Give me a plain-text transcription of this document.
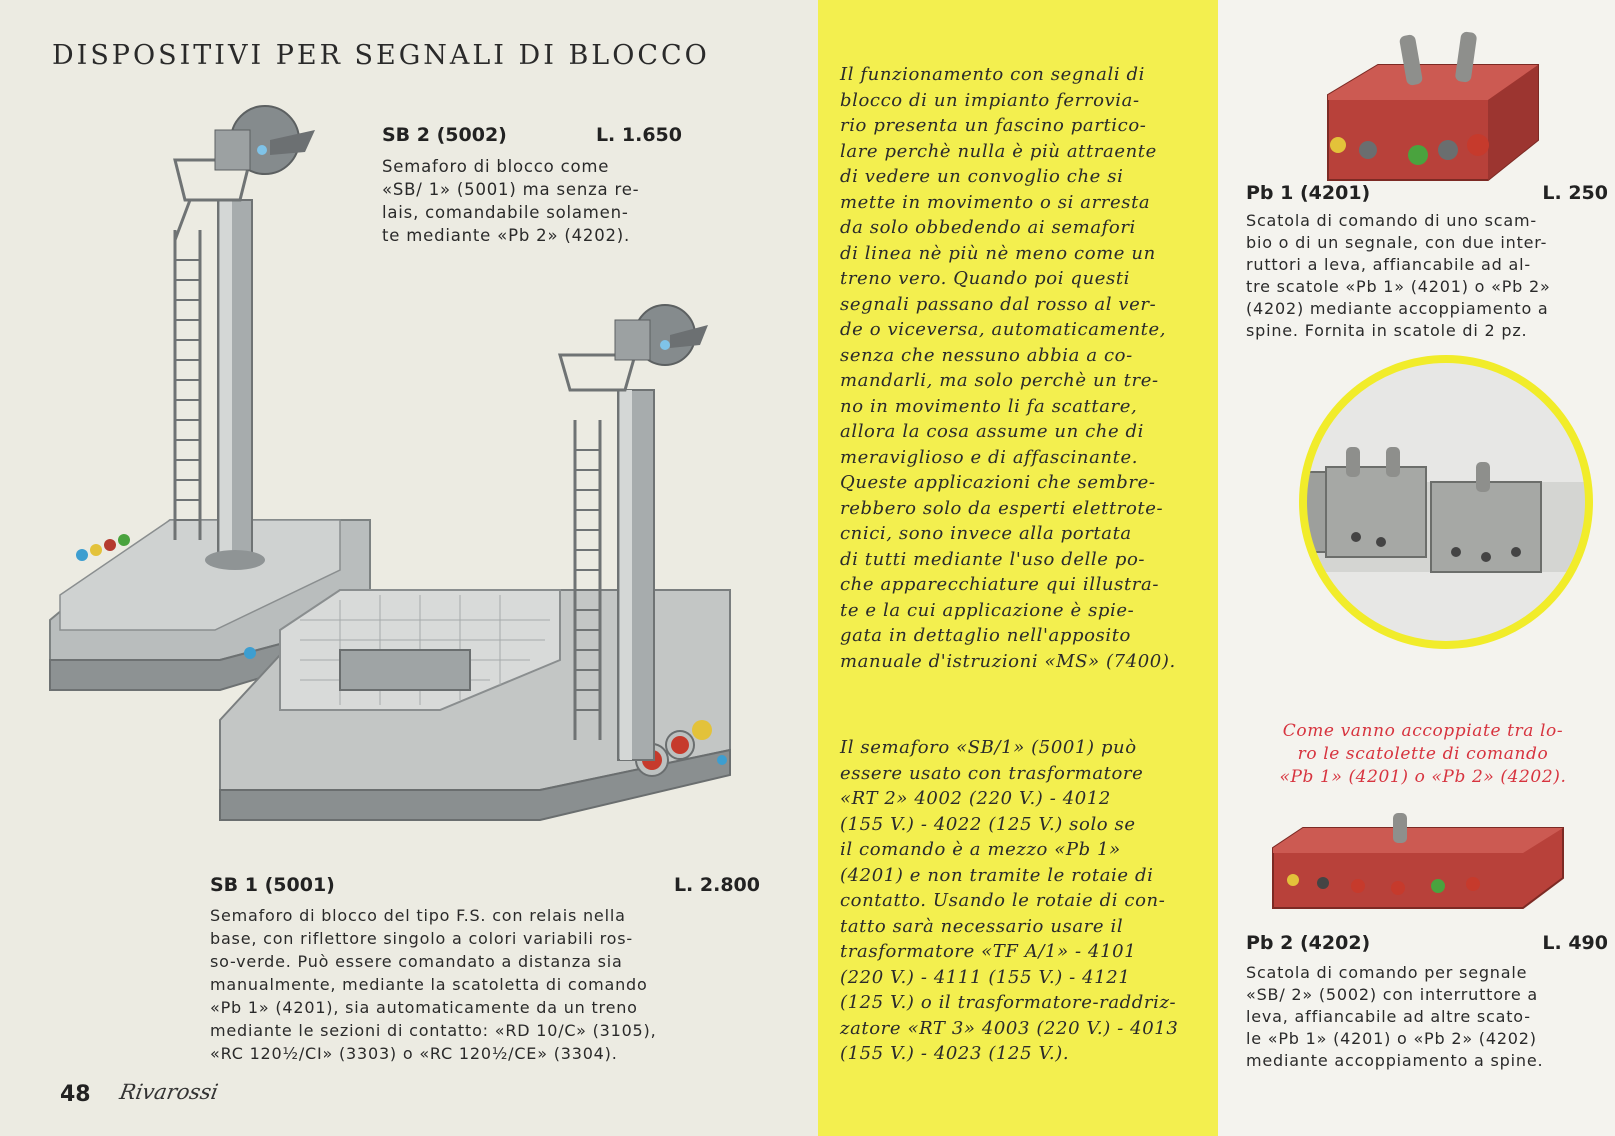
DISPOSITIVI PER SEGNALI DI BLOCCO
SB 2 (5002)	L. 1.650
Semaforo di blocco come
«SB/ 1» (5001) ma senza re-
lais, comandabile solamen-
te mediante «Pb 2» (4202).
SB 1 (5001)	L. 2.800
Semaforo di blocco del tipo F.S. con relais nella
base, con riflettore singolo a colori variabili ros-
so-verde. Può essere comandato a distanza sia
manualmente, mediante la scatoletta di comando
«Pb 1» (4201), sia automaticamente da un treno
mediante le sezioni di contatto: «RD 10/C» (3105),
«RC 120½/CI» (3303) o «RC 120½/CE» (3304).
48 Rivarossi
Il funzionamento con segnali di
blocco di un impianto ferrovia-
rio presenta un fascino partico-
lare perchè nulla è più attraente
di vedere un convoglio che si
mette in movimento o si arresta
da solo obbedendo ai semafori
di linea nè più nè meno come un
treno vero. Quando poi questi
segnali passano dal rosso al ver-
de o viceversa, automaticamente,
senza che nessuno abbia a co-
mandarli, ma solo perchè un tre-
no in movimento li fa scattare,
allora la cosa assume un che di
meraviglioso e di affascinante.
Queste applicazioni che sembre-
rebbero solo da esperti elettrote-
cnici, sono invece alla portata
di tutti mediante l'uso delle po-
che apparecchiature qui illustra-
te e la cui applicazione è spie-
gata in dettaglio nell'apposito
manuale d'istruzioni «MS» (7400).
Il semaforo «SB/1» (5001) può
essere usato con trasformatore
«RT 2» 4002 (220 V.) - 4012
(155 V.) - 4022 (125 V.) solo se
il comando è a mezzo «Pb 1»
(4201) e non tramite le rotaie di
contatto. Usando le rotaie di con-
tatto sarà necessario usare il
trasformatore «TF A/1» - 4101
(220 V.) - 4111 (155 V.) - 4121
(125 V.) o il trasformatore-raddriz-
zatore «RT 3» 4003 (220 V.) - 4013
(155 V.) - 4023 (125 V.).
Pb 1 (4201)	L. 250
Scatola di comando di uno scam-
bio o di un segnale, con due inter-
ruttori a leva, affiancabile ad al-
tre scatole «Pb 1» (4201) o «Pb 2»
(4202) mediante accoppiamento a
spine. Fornita in scatole di 2 pz.
Come vanno accoppiate tra lo-
ro le scatolette di comando
«Pb 1» (4201) o «Pb 2» (4202).
Pb 2 (4202)	L. 490
Scatola di comando per segnale
«SB/ 2» (5002) con interruttore a
leva, affiancabile ad altre scato-
le «Pb 1» (4201) o «Pb 2» (4202)
mediante accoppiamento a spine.
